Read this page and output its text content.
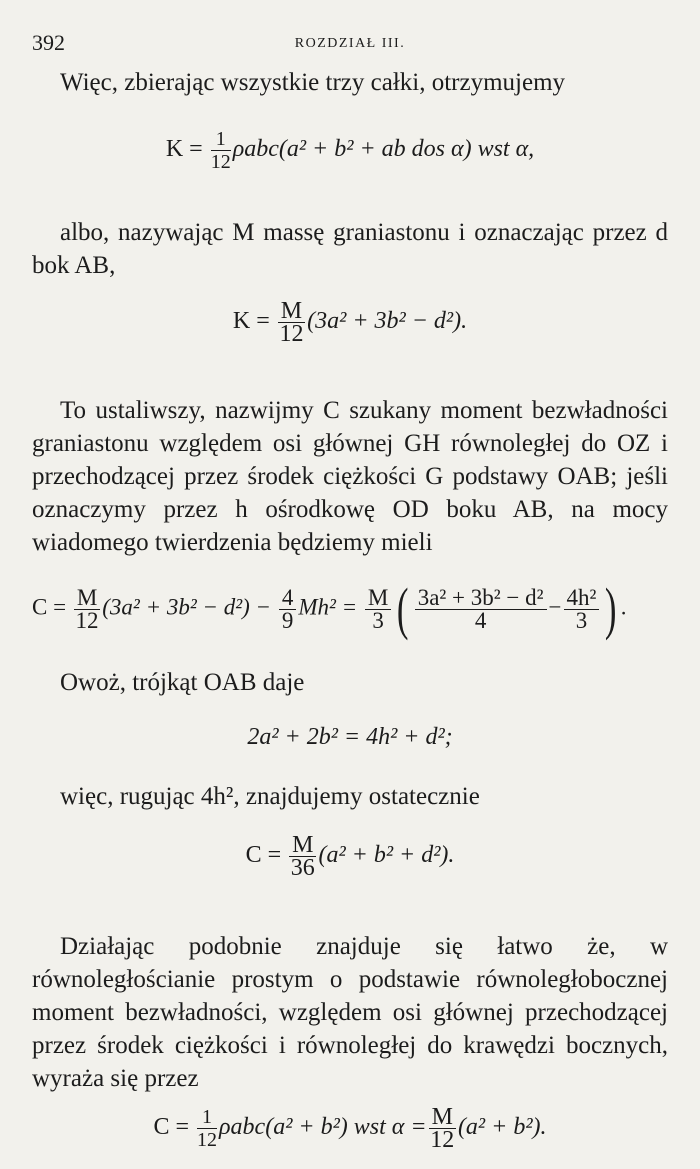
392	ROZDZIAŁ III.

Więc, zbierając wszystkie trzy całki, otrzymujemy

$K = \frac{1}{12} \rho abc(a^2 + b^2$ + ab dos α) wst α,

albo, nazywając M massę graniastonu i oznaczając przez d bok AB,

$K = \frac{M}{12} (3a^2 + 3b^2 - d^2)$.

To ustaliwszy, nazwijmy C szukany moment bezwładności graniastonu względem osi głównej GH równoległej do OZ i przechodzącej przez środek ciężkości G podstawy OAB; jeśli oznaczymy przez h ośrodkowę OD boku AB, na mocy wiadomego twierdzenia będziemy mieli

$C = \frac{M}{12} (3a^2 + 3b^2 - d^2) - \frac{4}{9} Mh^2 = \frac{M}{3}$ ( $\frac{\text{3a² + 3b² − d²}}{4} - \frac{\text{4h²}}{3}$ ) .

Owoż, trójkąt OAB daje

2a² + 2b² = 4h² + d²;

więc, rugując 4h², znajdujemy ostatecznie

$C = \frac{M}{36} (a^2 + b^2 + d^2)$.

Działając podobnie znajduje się łatwo że, w równoległościanie prostym o podstawie równoległobocznej moment bezwładności, względem osi głównej przechodzącej przez środek ciężkości i równoległej do krawędzi bocznych, wyraża się przez

$C = \frac{1}{12} \rho abc(a^2 + b^2)$ wst $\alpha = \frac{M}{12} (a^2 + b^2)$.
